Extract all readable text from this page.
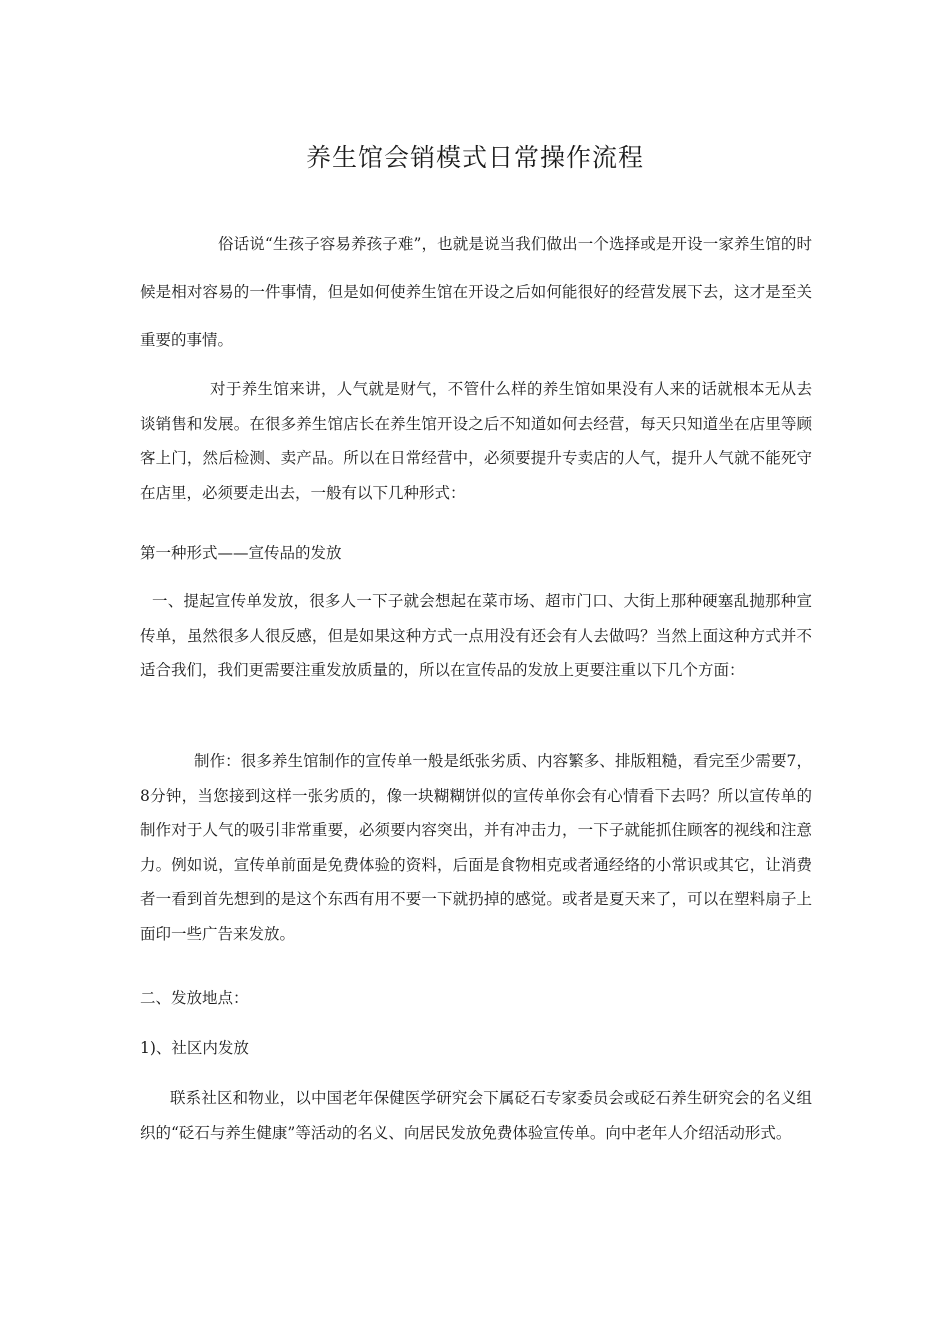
养生馆会销模式日常操作流程

俗话说“生孩子容易养孩子难”，也就是说当我们做出一个选择或是开设一家养生馆的时候是相对容易的一件事情，但是如何使养生馆在开设之后如何能很好的经营发展下去，这才是至关重要的事情。

对于养生馆来讲，人气就是财气，不管什么样的养生馆如果没有人来的话就根本无从去谈销售和发展。在很多养生馆店长在养生馆开设之后不知道如何去经营，每天只知道坐在店里等顾客上门，然后检测、卖产品。所以在日常经营中，必须要提升专卖店的人气，提升人气就不能死守在店里，必须要走出去，一般有以下几种形式：

第一种形式——宣传品的发放

一、提起宣传单发放，很多人一下子就会想起在菜市场、超市门口、大街上那种硬塞乱抛那种宣传单，虽然很多人很反感，但是如果这种方式一点用没有还会有人去做吗？当然上面这种方式并不适合我们，我们更需要注重发放质量的，所以在宣传品的发放上更要注重以下几个方面：

制作：很多养生馆制作的宣传单一般是纸张劣质、内容繁多、排版粗糙，看完至少需要7，8分钟，当您接到这样一张劣质的，像一块糊糊饼似的宣传单你会有心情看下去吗？所以宣传单的制作对于人气的吸引非常重要，必须要内容突出，并有冲击力，一下子就能抓住顾客的视线和注意力。例如说，宣传单前面是免费体验的资料，后面是食物相克或者通经络的小常识或其它，让消费者一看到首先想到的是这个东西有用不要一下就扔掉的感觉。或者是夏天来了，可以在塑料扇子上面印一些广告来发放。

二、发放地点：

1)、社区内发放

联系社区和物业，以中国老年保健医学研究会下属砭石专家委员会或砭石养生研究会的名义组织的“砭石与养生健康”等活动的名义、向居民发放免费体验宣传单。向中老年人介绍活动形式。
